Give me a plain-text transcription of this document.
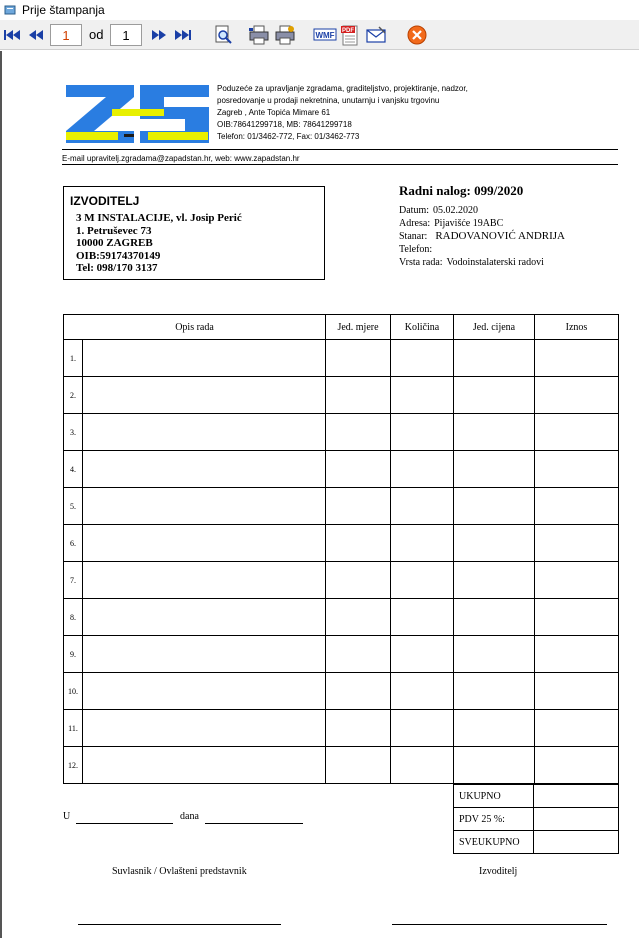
Prije štampanja
1	od	1	WMF PDF
Poduzeće za upravljanje zgradama, graditeljstvo, projektiranje, nadzor,
posredovanje u prodaji nekretnina, unutarnju i vanjsku trgovinu
Zagreb , Ante Topića Mimare 61
OIB:78641299718, MB: 78641299718
Telefon: 01/3462-772, Fax: 01/3462-773
E-mail upravitelj.zgradama@zapadstan.hr, web: www.zapadstan.hr
IZVODITELJ
3 M INSTALACIJE, vl. Josip Perić
1. Petruševec 73
10000 ZAGREB
OIB:59174370149
Tel: 098/170 3137
Radni nalog: 099/2020
Datum: 05.02.2020
Adresa: Pijavišće 19ABC
Stanar: RADOVANOVIĆ ANDRIJA
Telefon:
Vrsta rada: Vodoinstalaterski radovi
Opis rada		Jed. mjere	Količina	Jed. cijena	Iznos
1.					
2.					
3.					
4.					
5.					
6.					
7.					
8.					
9.					
10.					
11.					
12.					
UKUPNO	
PDV 25 %:	
SVEUKUPNO	
U	dana
Suvlasnik / Ovlašteni predstavnik	Izvoditelj
